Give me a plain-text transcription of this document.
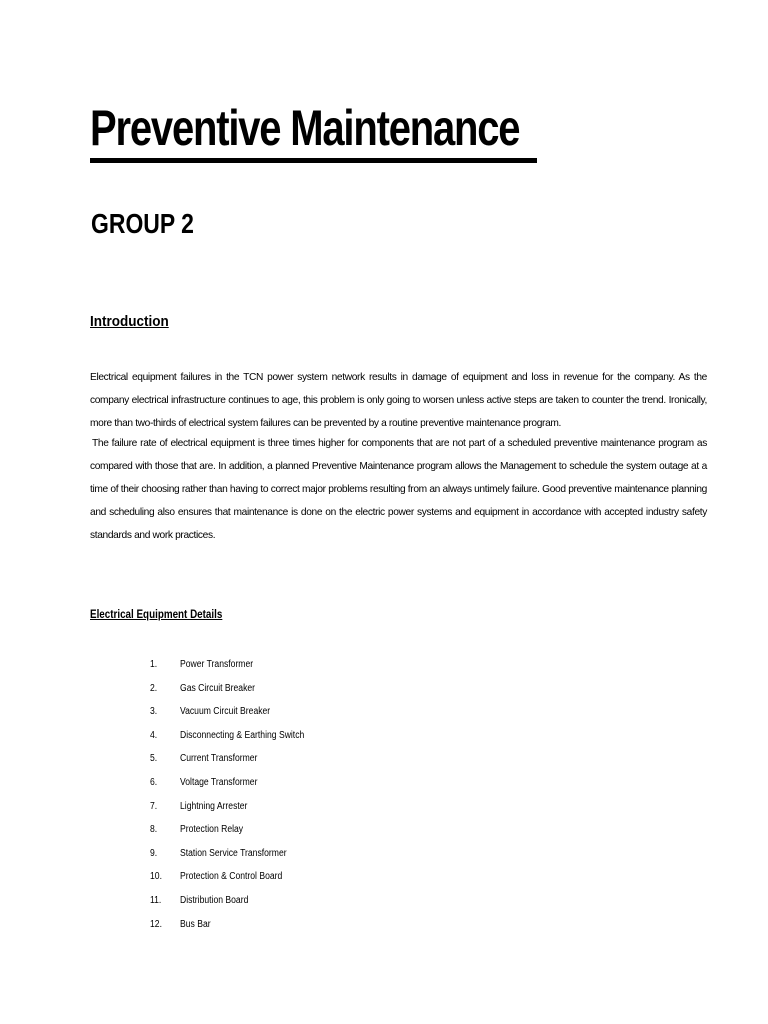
Preventive Maintenance
GROUP 2
Introduction

Electrical equipment failures in the TCN power system network results in damage of equipment and loss in revenue for the company. As the company electrical infrastructure continues to age, this problem is only going to worsen unless active steps are taken to counter the trend. Ironically, more than two-thirds of electrical system failures can be prevented by a routine preventive maintenance program.

The failure rate of electrical equipment is three times higher for components that are not part of a scheduled preventive maintenance program as compared with those that are. In addition, a planned Preventive Maintenance program allows the Management to schedule the system outage at a time of their choosing rather than having to correct major problems resulting from an always untimely failure. Good preventive maintenance planning and scheduling also ensures that maintenance is done on the electric power systems and equipment in accordance with accepted industry safety standards and work practices.

Electrical Equipment Details
1. Power Transformer
2. Gas Circuit Breaker
3. Vacuum Circuit Breaker
4. Disconnecting & Earthing Switch
5. Current Transformer
6. Voltage Transformer
7. Lightning Arrester
8. Protection Relay
9. Station Service Transformer
10. Protection & Control Board
11. Distribution Board
12. Bus Bar
